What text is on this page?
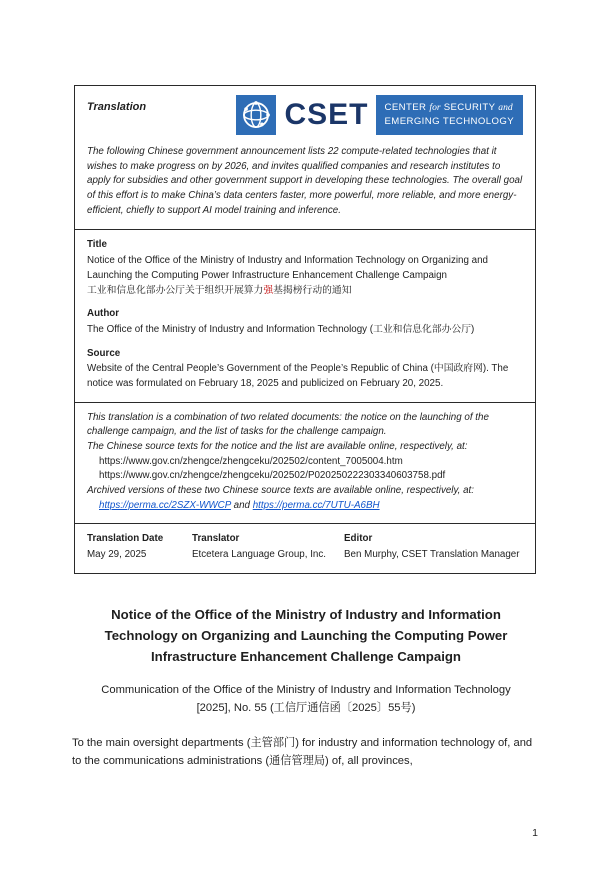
Translation	CSET CENTER for SECURITY and
EMERGING TECHNOLOGY
The following Chinese government announcement lists 22 compute-related technologies that it wishes to make progress on by 2026, and invites qualified companies and research institutes to apply for subsidies and other government support in developing these technologies. The overall goal of this effort is to make China’s data centers faster, more powerful, more reliable, and more energy-efficient, chiefly to support AI model training and inference.
Title
Notice of the Office of the Ministry of Industry and Information Technology on Organizing and Launching the Computing Power Infrastructure Enhancement Challenge Campaign
工业和信息化部办公厅关于组织开展算力强基揭榜行动的通知
Author
The Office of the Ministry of Industry and Information Technology (工业和信息化部办公厅)
Source
Website of the Central People’s Government of the People’s Republic of China (中国政府网). The notice was formulated on February 18, 2025 and publicized on February 20, 2025.
This translation is a combination of two related documents: the notice on the launching of the challenge campaign, and the list of tasks for the challenge campaign.
The Chinese source texts for the notice and the list are available online, respectively, at:
https://www.gov.cn/zhengce/zhengceku/202502/content_7005004.htm
https://www.gov.cn/zhengce/zhengceku/202502/P020250222303340603758.pdf
Archived versions of these two Chinese source texts are available online, respectively, at:
https://perma.cc/2SZX-WWCP and https://perma.cc/7UTU-A6BH
Translation Date
May 29, 2025
Translator
Etcetera Language Group, Inc.
Editor
Ben Murphy, CSET Translation Manager
Notice of the Office of the Ministry of Industry and Information Technology on Organizing and Launching the Computing Power Infrastructure Enhancement Challenge Campaign
Communication of the Office of the Ministry of Industry and Information Technology [2025], No. 55 (工信厅通信函〔2025〕55号)
To the main oversight departments (主管部门) for industry and information technology of, and to the communications administrations (通信管理局) of, all provinces,
1
